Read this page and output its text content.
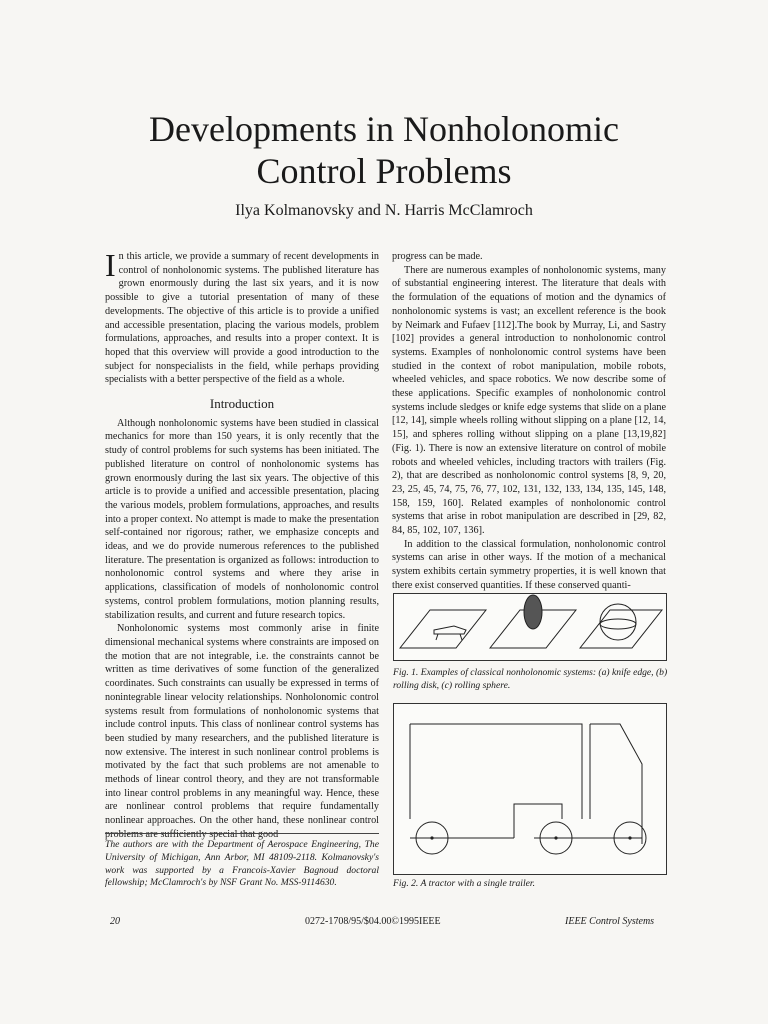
Developments in Nonholonomic
Control Problems

Ilya Kolmanovsky and N. Harris McClamroch

In this article, we provide a summary of recent developments in control of nonholonomic systems. The published literature has grown enormously during the last six years, and it is now possible to give a tutorial presentation of many of these developments. The objective of this article is to provide a unified and accessible presentation, placing the various models, problem formulations, approaches, and results into a proper context. It is hoped that this overview will provide a good introduction to the subject for nonspecialists in the field, while perhaps providing specialists with a better perspective of the field as a whole.

Introduction

Although nonholonomic systems have been studied in classical mechanics for more than 150 years, it is only recently that the study of control problems for such systems has been initiated. The published literature on control of nonholonomic systems has grown enormously during the last six years. The objective of this article is to provide a unified and accessible presentation, placing the various models, problem formulations, approaches, and results into a proper context. No attempt is made to make the presentation self-contained nor rigorous; rather, we emphasize concepts and ideas, and we do provide numerous references to the published literature. The presentation is organized as follows: introduction to nonholonomic control systems and where they arise in applications, classification of models of nonholonomic control systems, control problem formulations, motion planning results, stabilization results, and current and future research topics.

Nonholonomic systems most commonly arise in finite dimensional mechanical systems where constraints are imposed on the motion that are not integrable, i.e. the constraints cannot be written as time derivatives of some function of the generalized coordinates. Such constraints can usually be expressed in terms of nonintegrable linear velocity relationships. Nonholonomic control systems result from formulations of nonholonomic systems that include control inputs. This class of nonlinear control systems has been studied by many researchers, and the published literature is now extensive. The interest in such nonlinear control problems is motivated by the fact that such problems are not amenable to methods of linear control theory, and they are not transformable into linear control problems in any meaningful way. Hence, these are nonlinear control problems that require fundamentally nonlinear approaches. On the other hand, these nonlinear control problems are sufficiently special that good

progress can be made.

There are numerous examples of nonholonomic systems, many of substantial engineering interest. The literature that deals with the formulation of the equations of motion and the dynamics of nonholonomic systems is vast; an excellent reference is the book by Neimark and Fufaev [112].The book by Murray, Li, and Sastry [102] provides a general introduction to nonholonomic control systems. Examples of nonholonomic control systems have been studied in the context of robot manipulation, mobile robots, wheeled vehicles, and space robotics. We now describe some of these applications. Specific examples of nonholonomic control systems include sledges or knife edge systems that slide on a plane [12, 14], simple wheels rolling without slipping on a plane [12, 14, 15], and spheres rolling without slipping on a plane [13,19,82] (Fig. 1). There is now an extensive literature on control of mobile robots and wheeled vehicles, including tractors with trailers (Fig. 2), that are described as nonholonomic control systems [8, 9, 20, 23, 25, 45, 74, 75, 76, 77, 102, 131, 132, 133, 134, 135, 145, 148, 158, 159, 160]. Related examples of nonholonomic control systems that arise in robot manipulation are described in [29, 82, 84, 85, 102, 107, 136].

In addition to the classical formulation, nonholonomic control systems can arise in other ways. If the motion of a mechanical system exhibits certain symmetry properties, it is well known that there exist conserved quantities. If these conserved quanti-

The authors are with the Department of Aerospace Engineering, The University of Michigan, Ann Arbor, MI 48109-2118. Kolmanovsky's work was supported by a Francois-Xavier Bagnoud doctoral fellowship; McClamroch's by NSF Grant No. MSS-9114630.
Fig. 1. Examples of classical nonholonomic systems: (a) knife edge, (b) rolling disk, (c) rolling sphere.
Fig. 2. A tractor with a single trailer.
20	0272-1708/95/$04.00©1995IEEE	IEEE Control Systems
